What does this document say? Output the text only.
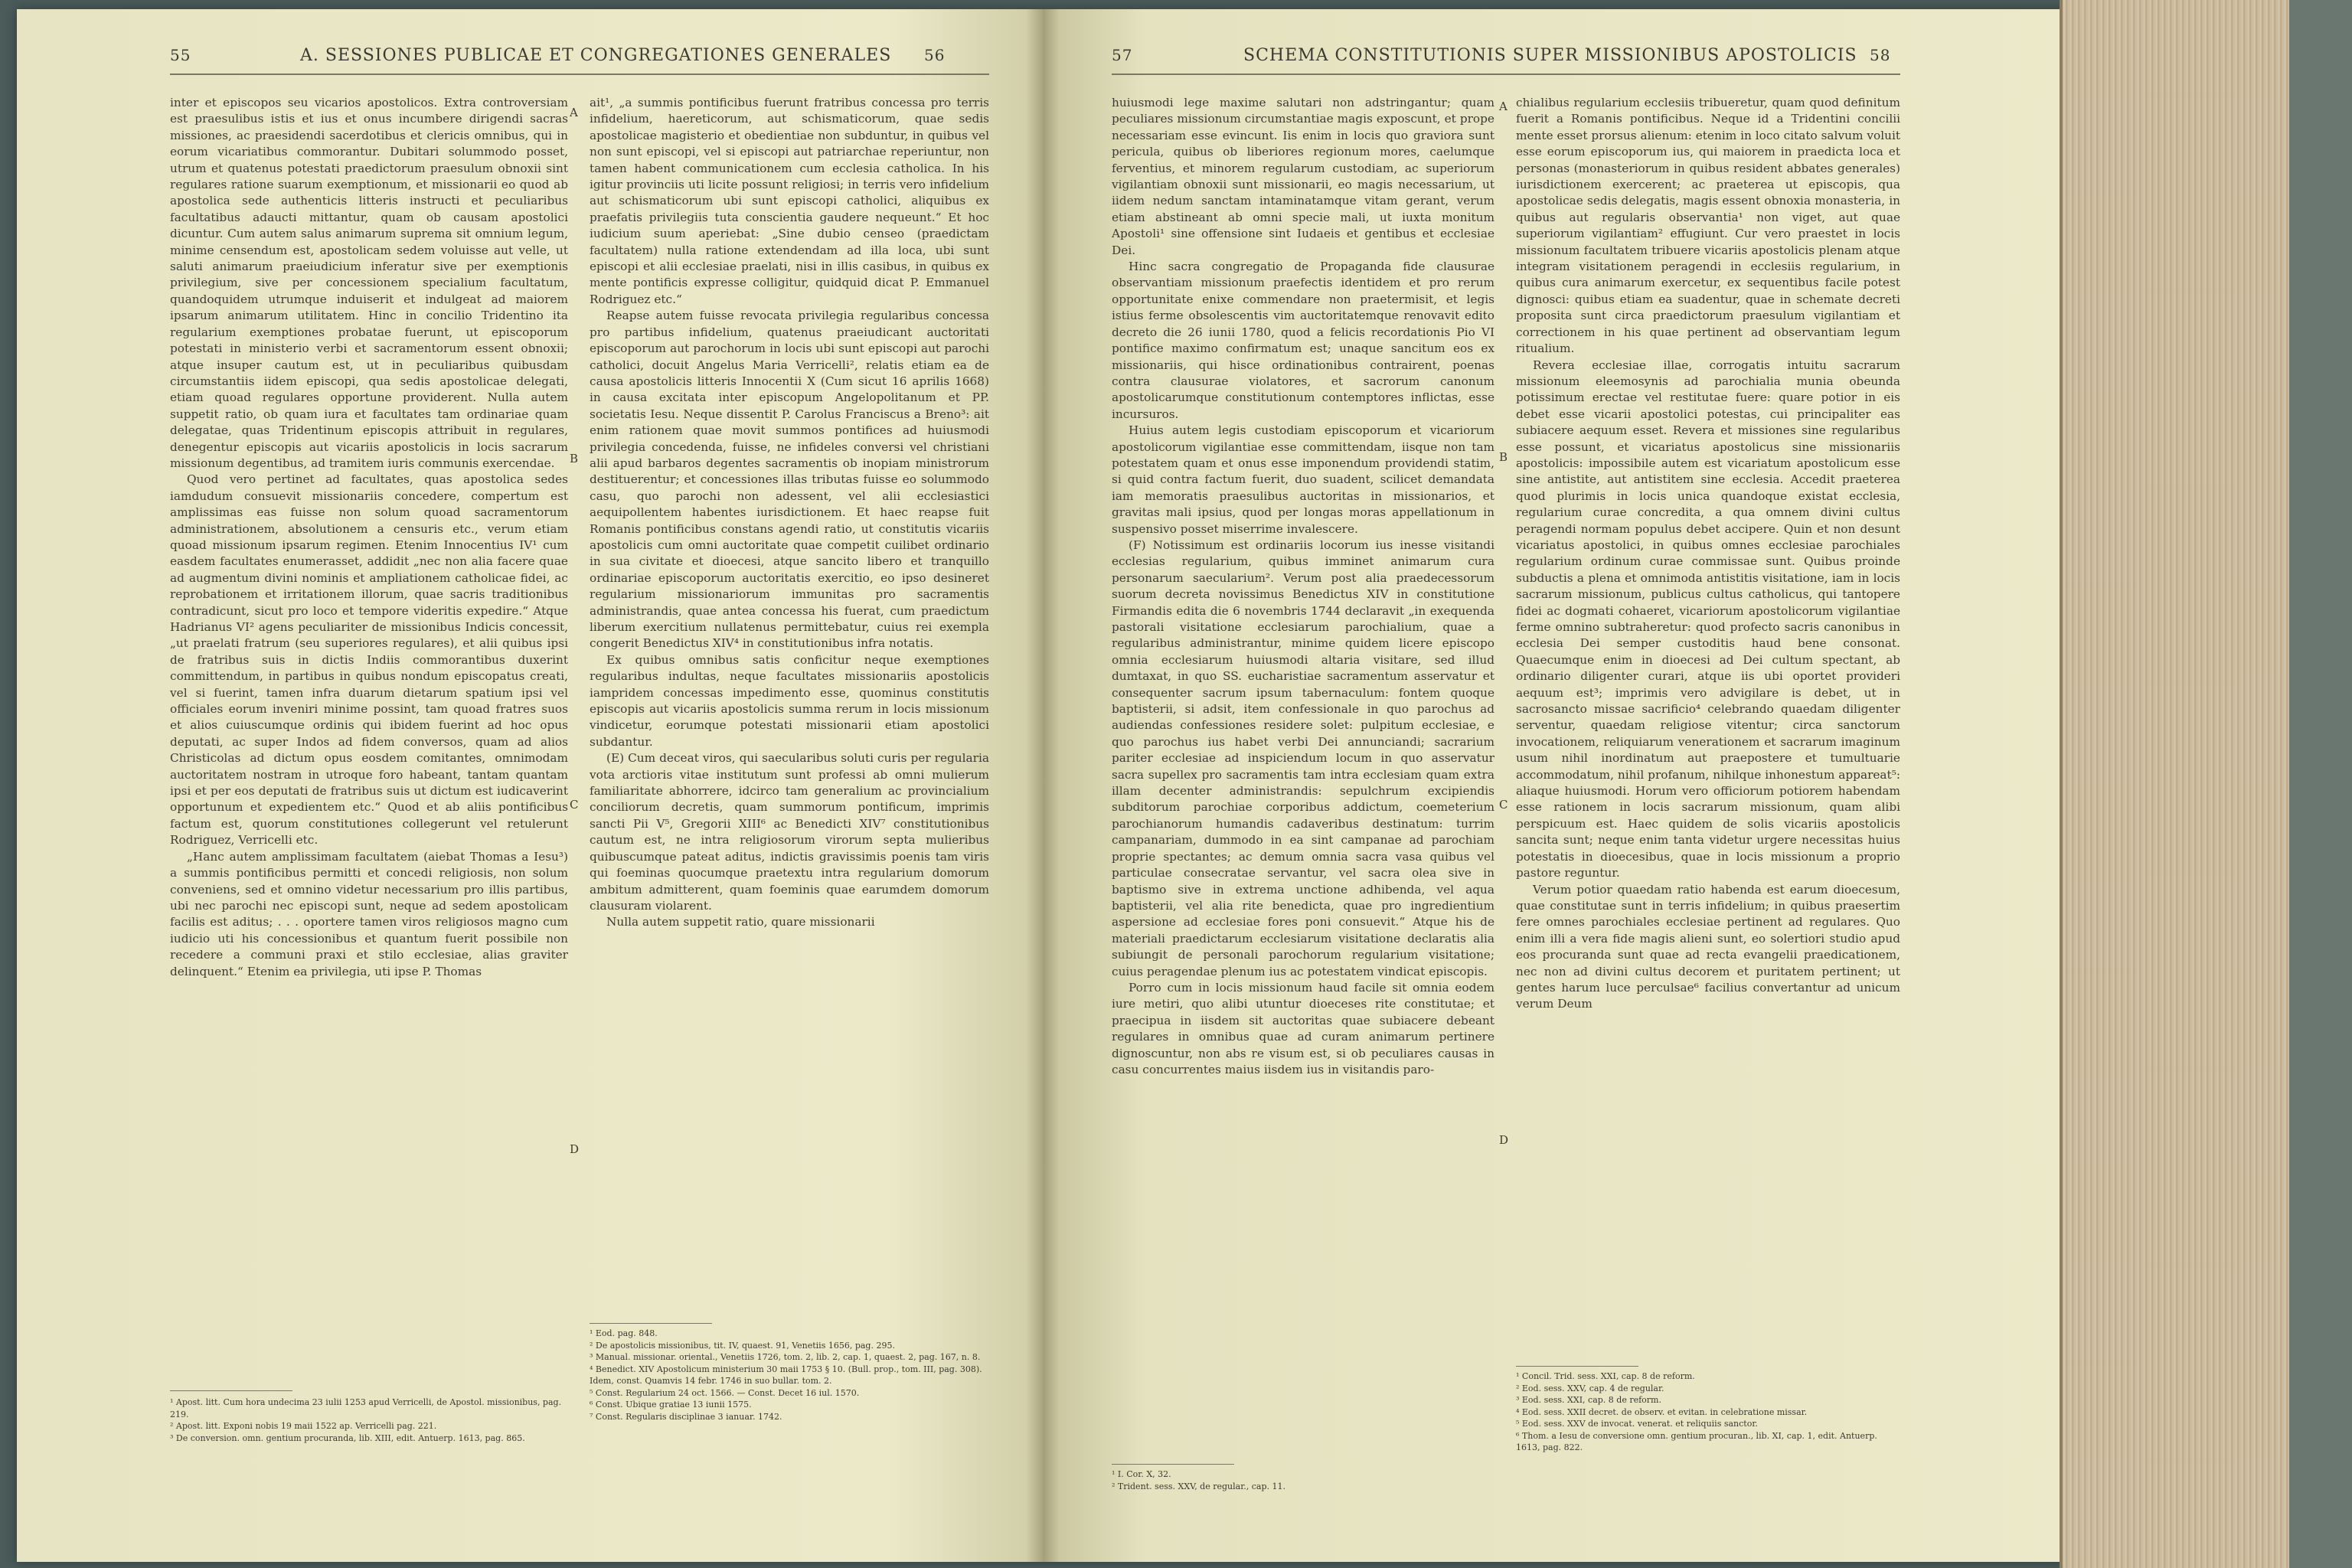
55	A. SESSIONES PUBLICAE ET CONGREGATIONES GENERALES 56

inter et episcopos seu vicarios apostolicos. Extra controversiam est praesulibus istis et ius et onus incumbere dirigendi sacras missiones, ac praesidendi sacerdotibus et clericis omnibus, qui in eorum vicariatibus commorantur. Dubitari solummodo posset, utrum et quatenus potestati praedictorum praesulum obnoxii sint regulares ratione suarum exemptionum, et missionarii eo quod ab apostolica sede authenticis litteris instructi et peculiaribus facultatibus adaucti mittantur, quam ob causam apostolici dicuntur. Cum autem salus animarum suprema sit omnium legum, minime censendum est, apostolicam sedem voluisse aut velle, ut saluti animarum praeiudicium inferatur sive per exemptionis privilegium, sive per concessionem specialium facultatum, quandoquidem utrumque induiserit et indulgeat ad maiorem ipsarum animarum utilitatem. Hinc in concilio Tridentino ita regularium exemptiones probatae fuerunt, ut episcoporum potestati in ministerio verbi et sacramentorum essent obnoxii; atque insuper cautum est, ut in peculiaribus quibusdam circumstantiis iidem episcopi, qua sedis apostolicae delegati, etiam quoad regulares opportune providerent. Nulla autem suppetit ratio, ob quam iura et facultates tam ordinariae quam delegatae, quas Tridentinum episcopis attribuit in regulares, denegentur episcopis aut vicariis apostolicis in locis sacrarum missionum degentibus, ad tramitem iuris communis exercendae.

Quod vero pertinet ad facultates, quas apostolica sedes iamdudum consuevit missionariis concedere, compertum est amplissimas eas fuisse non solum quoad sacramentorum administrationem, absolutionem a censuris etc., verum etiam quoad missionum ipsarum regimen. Etenim Innocentius IV¹ cum easdem facultates enumerasset, addidit „nec non alia facere quae ad augmentum divini nominis et ampliationem catholicae fidei, ac reprobationem et irritationem illorum, quae sacris traditionibus contradicunt, sicut pro loco et tempore videritis expedire.“ Atque Hadrianus VI² agens peculiariter de missionibus Indicis concessit, „ut praelati fratrum (seu superiores regulares), et alii quibus ipsi de fratribus suis in dictis Indiis commorantibus duxerint committendum, in partibus in quibus nondum episcopatus creati, vel si fuerint, tamen infra duarum dietarum spatium ipsi vel officiales eorum inveniri minime possint, tam quoad fratres suos et alios cuiuscumque ordinis qui ibidem fuerint ad hoc opus deputati, ac super Indos ad fidem conversos, quam ad alios Christicolas ad dictum opus eosdem comitantes, omnimodam auctoritatem nostram in utroque foro habeant, tantam quantam ipsi et per eos deputati de fratribus suis ut dictum est iudicaverint opportunum et expedientem etc.“ Quod et ab aliis pontificibus factum est, quorum constitutiones collegerunt vel retulerunt Rodriguez, Verricelli etc.

„Hanc autem amplissimam facultatem (aiebat Thomas a Iesu³) a summis pontificibus permitti et concedi religiosis, non solum conveniens, sed et omnino videtur necessarium pro illis partibus, ubi nec parochi nec episcopi sunt, neque ad sedem apostolicam facilis est aditus; . . . oportere tamen viros religiosos magno cum iudicio uti his concessionibus et quantum fuerit possibile non recedere a communi praxi et stilo ecclesiae, alias graviter delinquent.“ Etenim ea privilegia, uti ipse P. Thomas

ait¹, „a summis pontificibus fuerunt fratribus concessa pro terris infidelium, haereticorum, aut schismaticorum, quae sedis apostolicae magisterio et obedientiae non subduntur, in quibus vel non sunt episcopi, vel si episcopi aut patriarchae reperiuntur, non tamen habent communicationem cum ecclesia catholica. In his igitur provinciis uti licite possunt religiosi; in terris vero infidelium aut schismaticorum ubi sunt episcopi catholici, aliquibus ex praefatis privilegiis tuta conscientia gaudere nequeunt.“ Et hoc iudicium suum aperiebat: „Sine dubio censeo (praedictam facultatem) nulla ratione extendendam ad illa loca, ubi sunt episcopi et alii ecclesiae praelati, nisi in illis casibus, in quibus ex mente pontificis expresse colligitur, quidquid dicat P. Emmanuel Rodriguez etc.“

Reapse autem fuisse revocata privilegia regularibus concessa pro partibus infidelium, quatenus praeiudicant auctoritati episcoporum aut parochorum in locis ubi sunt episcopi aut parochi catholici, docuit Angelus Maria Verricelli², relatis etiam ea de causa apostolicis litteris Innocentii X (Cum sicut 16 aprilis 1668) in causa excitata inter episcopum Angelopolitanum et PP. societatis Iesu. Neque dissentit P. Carolus Franciscus a Breno³: ait enim rationem quae movit summos pontifices ad huiusmodi privilegia concedenda, fuisse, ne infideles conversi vel christiani alii apud barbaros degentes sacramentis ob inopiam ministrorum destituerentur; et concessiones illas tributas fuisse eo solummodo casu, quo parochi non adessent, vel alii ecclesiastici aequipollentem habentes iurisdictionem. Et haec reapse fuit Romanis pontificibus constans agendi ratio, ut constitutis vicariis apostolicis cum omni auctoritate quae competit cuilibet ordinario in sua civitate et dioecesi, atque sancito libero et tranquillo ordinariae episcoporum auctoritatis exercitio, eo ipso desineret regularium missionariorum immunitas pro sacramentis administrandis, quae antea concessa his fuerat, cum praedictum liberum exercitium nullatenus permittebatur, cuius rei exempla congerit Benedictus XIV⁴ in constitutionibus infra notatis.

Ex quibus omnibus satis conficitur neque exemptiones regularibus indultas, neque facultates missionariis apostolicis iampridem concessas impedimento esse, quominus constitutis episcopis aut vicariis apostolicis summa rerum in locis missionum vindicetur, eorumque potestati missionarii etiam apostolici subdantur.

(E) Cum deceat viros, qui saecularibus soluti curis per regularia vota arctioris vitae institutum sunt professi ab omni mulierum familiaritate abhorrere, idcirco tam generalium ac provincialium conciliorum decretis, quam summorum pontificum, imprimis sancti Pii V⁵, Gregorii XIII⁶ ac Benedicti XIV⁷ constitutionibus cautum est, ne intra religiosorum virorum septa mulieribus quibuscumque pateat aditus, indictis gravissimis poenis tam viris qui foeminas quocumque praetextu intra regularium domorum ambitum admitterent, quam foeminis quae earumdem domorum clausuram violarent.

Nulla autem suppetit ratio, quare missionarii

A
B
C
D
¹ Apost. litt. Cum hora undecima 23 iulii 1253 apud Verricelli, de Apostol. missionibus, pag. 219.
² Apost. litt. Exponi nobis 19 maii 1522 ap. Verricelli pag. 221.
³ De conversion. omn. gentium procuranda, lib. XIII, edit. Antuerp. 1613, pag. 865.
¹ Eod. pag. 848.
² De apostolicis missionibus, tit. IV, quaest. 91, Venetiis 1656, pag. 295.
³ Manual. missionar. oriental., Venetiis 1726, tom. 2, lib. 2, cap. 1, quaest. 2, pag. 167, n. 8.
⁴ Benedict. XIV Apostolicum ministerium 30 maii 1753 § 10. (Bull. prop., tom. III, pag. 308). Idem, const. Quamvis 14 febr. 1746 in suo bullar. tom. 2.
⁵ Const. Regularium 24 oct. 1566. — Const. Decet 16 iul. 1570.
⁶ Const. Ubique gratiae 13 iunii 1575.
⁷ Const. Regularis disciplinae 3 ianuar. 1742.
57	SCHEMA CONSTITUTIONIS SUPER MISSIONIBUS APOSTOLICIS 58

huiusmodi lege maxime salutari non adstringantur; quam peculiares missionum circumstantiae magis exposcunt, et prope necessariam esse evincunt. Iis enim in locis quo graviora sunt pericula, quibus ob liberiores regionum mores, caelumque ferventius, et minorem regularum custodiam, ac superiorum vigilantiam obnoxii sunt missionarii, eo magis necessarium, ut iidem nedum sanctam intaminatamque vitam gerant, verum etiam abstineant ab omni specie mali, ut iuxta monitum Apostoli¹ sine offensione sint Iudaeis et gentibus et ecclesiae Dei.

Hinc sacra congregatio de Propaganda fide clausurae observantiam missionum praefectis identidem et pro rerum opportunitate enixe commendare non praetermisit, et legis istius ferme obsolescentis vim auctoritatemque renovavit edito decreto die 26 iunii 1780, quod a felicis recordationis Pio VI pontifice maximo confirmatum est; unaque sancitum eos ex missionariis, qui hisce ordinationibus contrairent, poenas contra clausurae violatores, et sacrorum canonum apostolicarumque constitutionum contemptores inflictas, esse incursuros.

Huius autem legis custodiam episcoporum et vicariorum apostolicorum vigilantiae esse committendam, iisque non tam potestatem quam et onus esse imponendum providendi statim, si quid contra factum fuerit, duo suadent, scilicet demandata iam memoratis praesulibus auctoritas in missionarios, et gravitas mali ipsius, quod per longas moras appellationum in suspensivo posset miserrime invalescere.

(F) Notissimum est ordinariis locorum ius inesse visitandi ecclesias regularium, quibus imminet animarum cura personarum saecularium². Verum post alia praedecessorum suorum decreta novissimus Benedictus XIV in constitutione Firmandis edita die 6 novembris 1744 declaravit „in exequenda pastorali visitatione ecclesiarum parochialium, quae a regularibus administrantur, minime quidem licere episcopo omnia ecclesiarum huiusmodi altaria visitare, sed illud dumtaxat, in quo SS. eucharistiae sacramentum asservatur et consequenter sacrum ipsum tabernaculum: fontem quoque baptisterii, si adsit, item confessionale in quo parochus ad audiendas confessiones residere solet: pulpitum ecclesiae, e quo parochus ius habet verbi Dei annunciandi; sacrarium pariter ecclesiae ad inspiciendum locum in quo asservatur sacra supellex pro sacramentis tam intra ecclesiam quam extra illam decenter administrandis: sepulchrum excipiendis subditorum parochiae corporibus addictum, coemeterium parochianorum humandis cadaveribus destinatum: turrim campanariam, dummodo in ea sint campanae ad parochiam proprie spectantes; ac demum omnia sacra vasa quibus vel particulae consecratae servantur, vel sacra olea sive in baptismo sive in extrema unctione adhibenda, vel aqua baptisterii, vel alia rite benedicta, quae pro ingredientium aspersione ad ecclesiae fores poni consuevit.“ Atque his de materiali praedictarum ecclesiarum visitatione declaratis alia subiungit de personali parochorum regularium visitatione; cuius peragendae plenum ius ac potestatem vindicat episcopis.

Porro cum in locis missionum haud facile sit omnia eodem iure metiri, quo alibi utuntur dioeceses rite constitutae; et praecipua in iisdem sit auctoritas quae subiacere debeant regulares in omnibus quae ad curam animarum pertinere dignoscuntur, non abs re visum est, si ob peculiares causas in casu concurrentes maius iisdem ius in visitandis paro-

chialibus regularium ecclesiis tribueretur, quam quod definitum fuerit a Romanis pontificibus. Neque id a Tridentini concilii mente esset prorsus alienum: etenim in loco citato salvum voluit esse eorum episcoporum ius, qui maiorem in praedicta loca et personas (monasteriorum in quibus resident abbates generales) iurisdictionem exercerent; ac praeterea ut episcopis, qua apostolicae sedis delegatis, magis essent obnoxia monasteria, in quibus aut regularis observantia¹ non viget, aut quae superiorum vigilantiam² effugiunt. Cur vero praestet in locis missionum facultatem tribuere vicariis apostolicis plenam atque integram visitationem peragendi in ecclesiis regularium, in quibus cura animarum exercetur, ex sequentibus facile potest dignosci: quibus etiam ea suadentur, quae in schemate decreti proposita sunt circa praedictorum praesulum vigilantiam et correctionem in his quae pertinent ad observantiam legum ritualium.

Revera ecclesiae illae, corrogatis intuitu sacrarum missionum eleemosynis ad parochialia munia obeunda potissimum erectae vel restitutae fuere: quare potior in eis debet esse vicarii apostolici potestas, cui principaliter eas subiacere aequum esset. Revera et missiones sine regularibus esse possunt, et vicariatus apostolicus sine missionariis apostolicis: impossibile autem est vicariatum apostolicum esse sine antistite, aut antistitem sine ecclesia. Accedit praeterea quod plurimis in locis unica quandoque existat ecclesia, regularium curae concredita, a qua omnem divini cultus peragendi normam populus debet accipere. Quin et non desunt vicariatus apostolici, in quibus omnes ecclesiae parochiales regularium ordinum curae commissae sunt. Quibus proinde subductis a plena et omnimoda antistitis visitatione, iam in locis sacrarum missionum, publicus cultus catholicus, qui tantopere fidei ac dogmati cohaeret, vicariorum apostolicorum vigilantiae ferme omnino subtraheretur: quod profecto sacris canonibus in ecclesia Dei semper custoditis haud bene consonat. Quaecumque enim in dioecesi ad Dei cultum spectant, ab ordinario diligenter curari, atque iis ubi oportet provideri aequum est³; imprimis vero advigilare is debet, ut in sacrosancto missae sacrificio⁴ celebrando quaedam diligenter serventur, quaedam religiose vitentur; circa sanctorum invocationem, reliquiarum venerationem et sacrarum imaginum usum nihil inordinatum aut praepostere et tumultuarie accommodatum, nihil profanum, nihilque inhonestum appareat⁵: aliaque huiusmodi. Horum vero officiorum potiorem habendam esse rationem in locis sacrarum missionum, quam alibi perspicuum est. Haec quidem de solis vicariis apostolicis sancita sunt; neque enim tanta videtur urgere necessitas huius potestatis in dioecesibus, quae in locis missionum a proprio pastore reguntur.

Verum potior quaedam ratio habenda est earum dioecesum, quae constitutae sunt in terris infidelium; in quibus praesertim fere omnes parochiales ecclesiae pertinent ad regulares. Quo enim illi a vera fide magis alieni sunt, eo solertiori studio apud eos procuranda sunt quae ad recta evangelii praedicationem, nec non ad divini cultus decorem et puritatem pertinent; ut gentes harum luce perculsae⁶ facilius convertantur ad unicum verum Deum

A
B
C
D
¹ I. Cor. X, 32.
² Trident. sess. XXV, de regular., cap. 11.
¹ Concil. Trid. sess. XXI, cap. 8 de reform.
² Eod. sess. XXV, cap. 4 de regular.
³ Eod. sess. XXI, cap. 8 de reform.
⁴ Eod. sess. XXII decret. de observ. et evitan. in celebratione missar.
⁵ Eod. sess. XXV de invocat. venerat. et reliquiis sanctor.
⁶ Thom. a Iesu de conversione omn. gentium procuran., lib. XI, cap. 1, edit. Antuerp. 1613, pag. 822.
